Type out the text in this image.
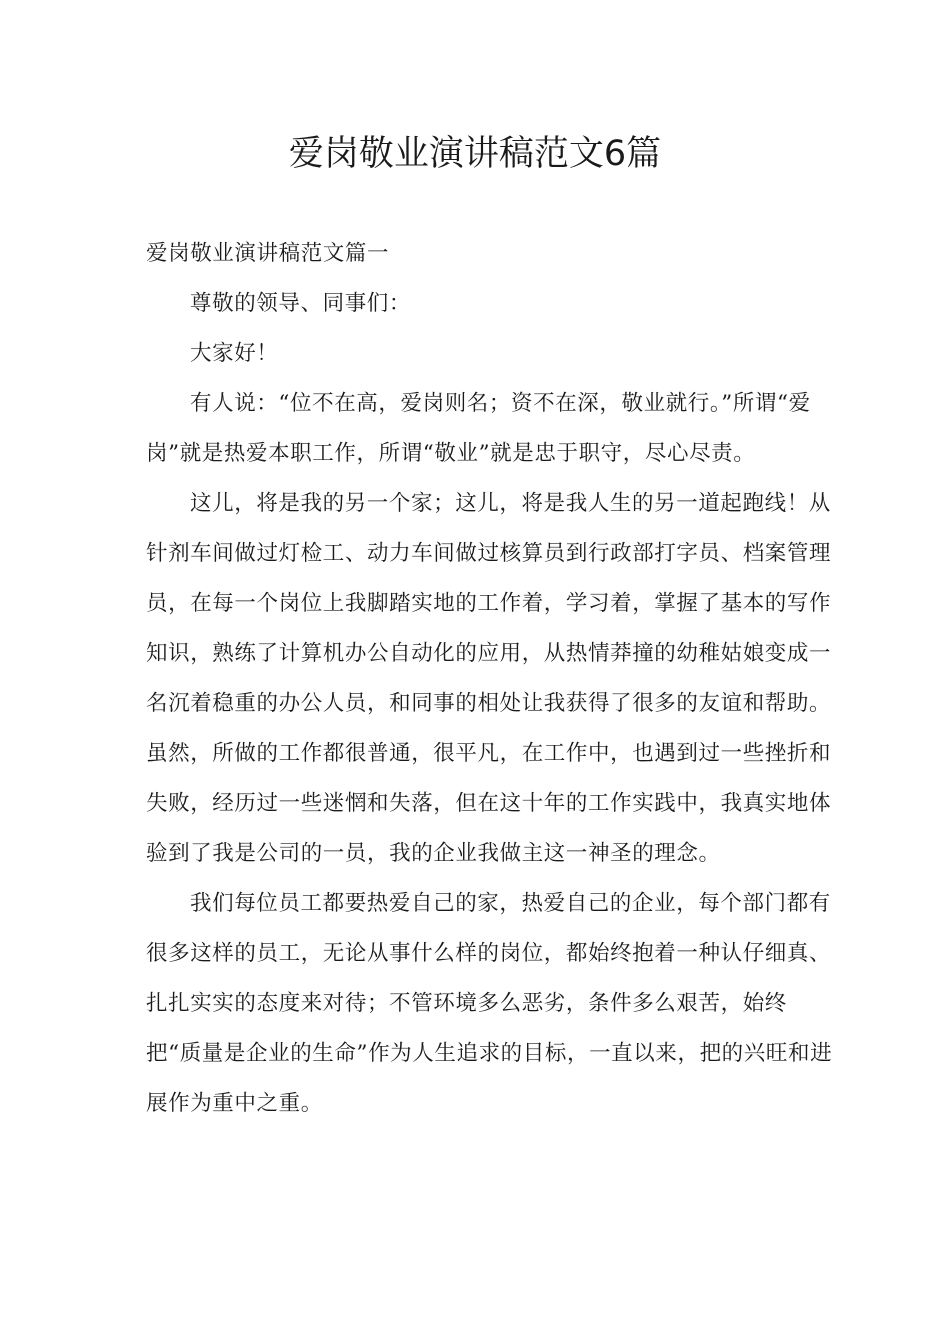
爱岗敬业演讲稿范文6篇

爱岗敬业演讲稿范文篇一

尊敬的领导、同事们：

大家好！

有人说：“位不在高，爱岗则名；资不在深，敬业就行。”所谓“爱岗”就是热爱本职工作，所谓“敬业”就是忠于职守，尽心尽责。

这儿，将是我的另一个家；这儿，将是我人生的另一道起跑线！从针剂车间做过灯检工、动力车间做过核算员到行政部打字员、档案管理员，在每一个岗位上我脚踏实地的工作着，学习着，掌握了基本的写作知识，熟练了计算机办公自动化的应用，从热情莽撞的幼稚姑娘变成一名沉着稳重的办公人员，和同事的相处让我获得了很多的友谊和帮助。虽然，所做的工作都很普通，很平凡，在工作中，也遇到过一些挫折和失败，经历过一些迷惘和失落，但在这十年的工作实践中，我真实地体验到了我是公司的一员，我的企业我做主这一神圣的理念。

我们每位员工都要热爱自己的家，热爱自己的企业，每个部门都有很多这样的员工，无论从事什么样的岗位，都始终抱着一种认仔细真、扎扎实实的态度来对待；不管环境多么恶劣，条件多么艰苦，始终把“质量是企业的生命”作为人生追求的目标，一直以来，把的兴旺和进展作为重中之重。
